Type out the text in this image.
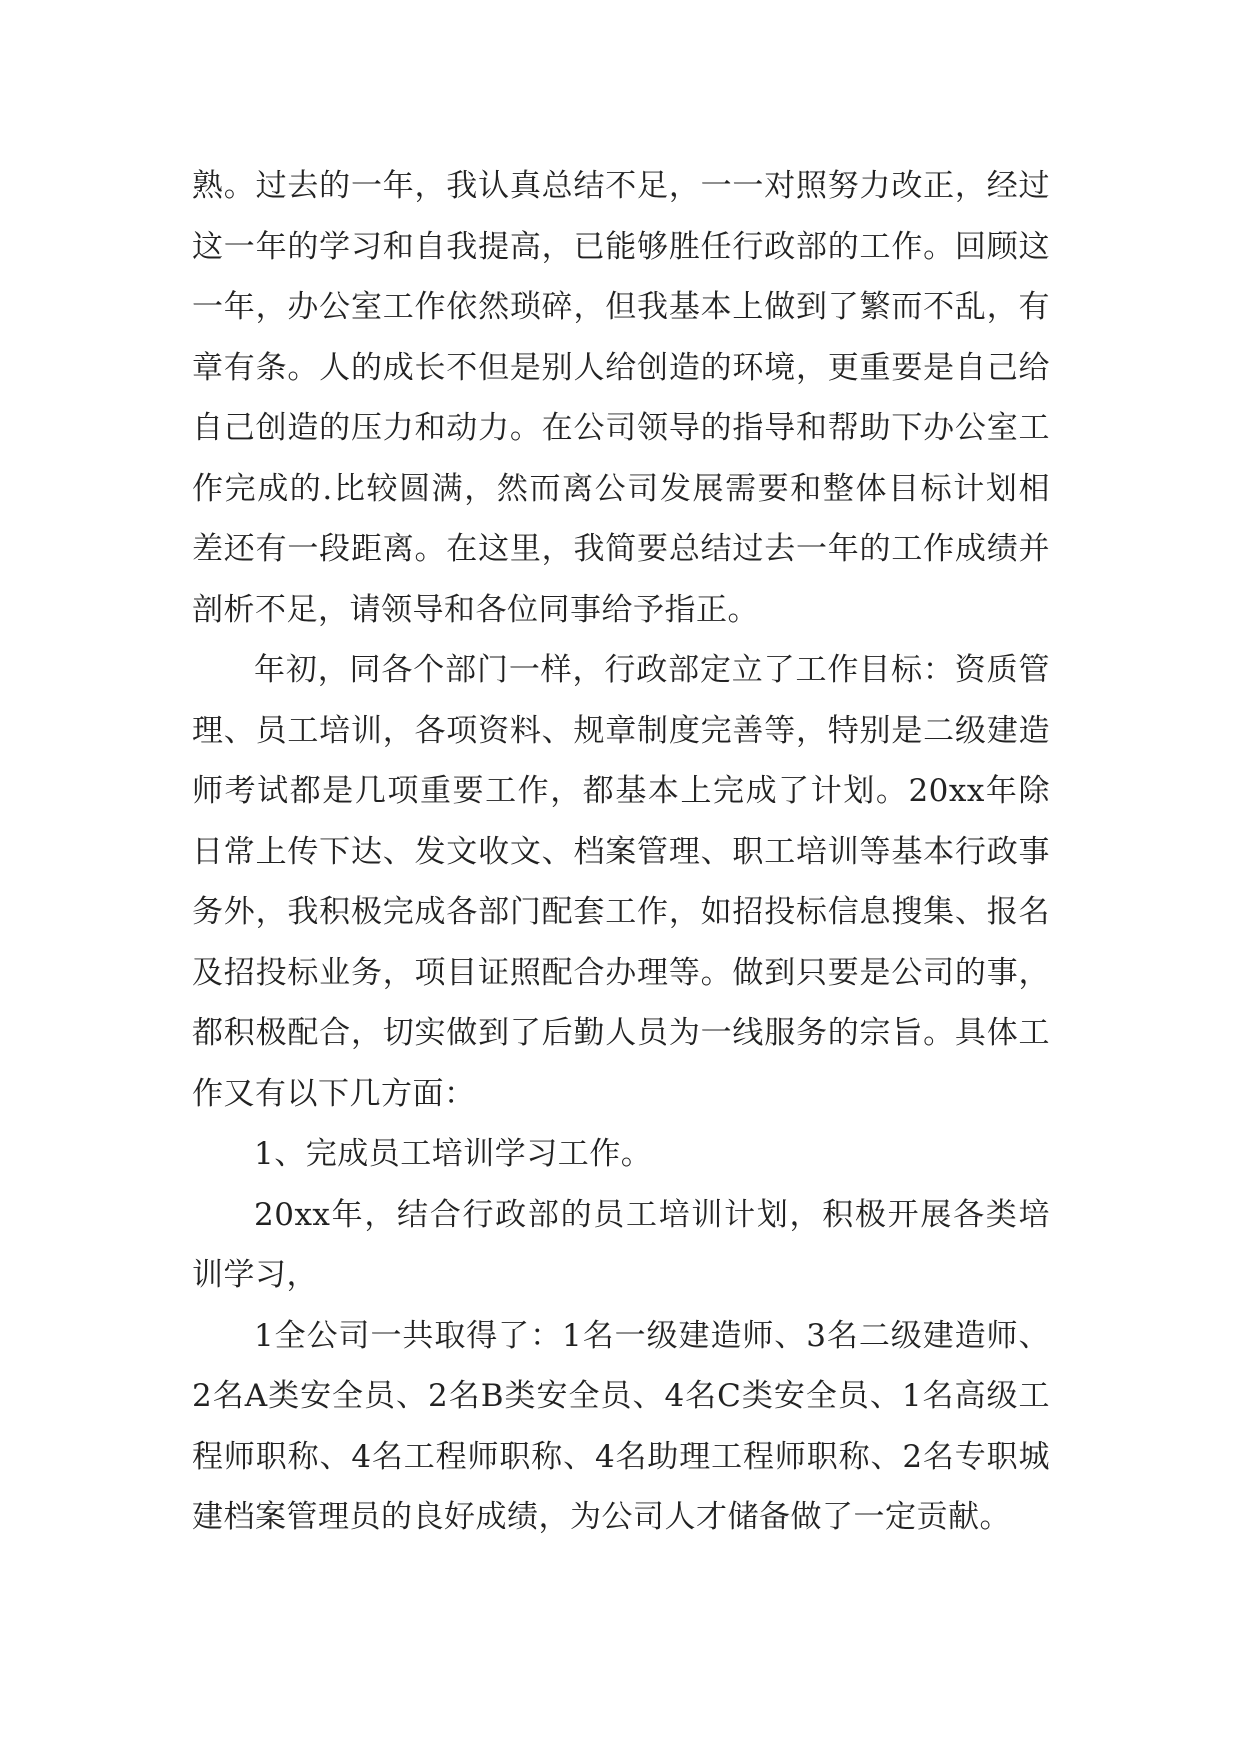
熟。过去的一年，我认真总结不足，一一对照努力改正，经过这一年的学习和自我提高，已能够胜任行政部的工作。回顾这一年，办公室工作依然琐碎，但我基本上做到了繁而不乱，有章有条。人的成长不但是别人给创造的环境，更重要是自己给自己创造的压力和动力。在公司领导的指导和帮助下办公室工作完成的.比较圆满，然而离公司发展需要和整体目标计划相差还有一段距离。在这里，我简要总结过去一年的工作成绩并剖析不足，请领导和各位同事给予指正。

年初，同各个部门一样，行政部定立了工作目标：资质管理、员工培训，各项资料、规章制度完善等，特别是二级建造师考试都是几项重要工作，都基本上完成了计划。20xx年除日常上传下达、发文收文、档案管理、职工培训等基本行政事务外，我积极完成各部门配套工作，如招投标信息搜集、报名及招投标业务，项目证照配合办理等。做到只要是公司的事，都积极配合，切实做到了后勤人员为一线服务的宗旨。具体工作又有以下几方面：

1、完成员工培训学习工作。

20xx年，结合行政部的员工培训计划，积极开展各类培训学习，

1全公司一共取得了：1名一级建造师、3名二级建造师、2名A类安全员、2名B类安全员、4名C类安全员、1名高级工程师职称、4名工程师职称、4名助理工程师职称、2名专职城建档案管理员的良好成绩，为公司人才储备做了一定贡献。
